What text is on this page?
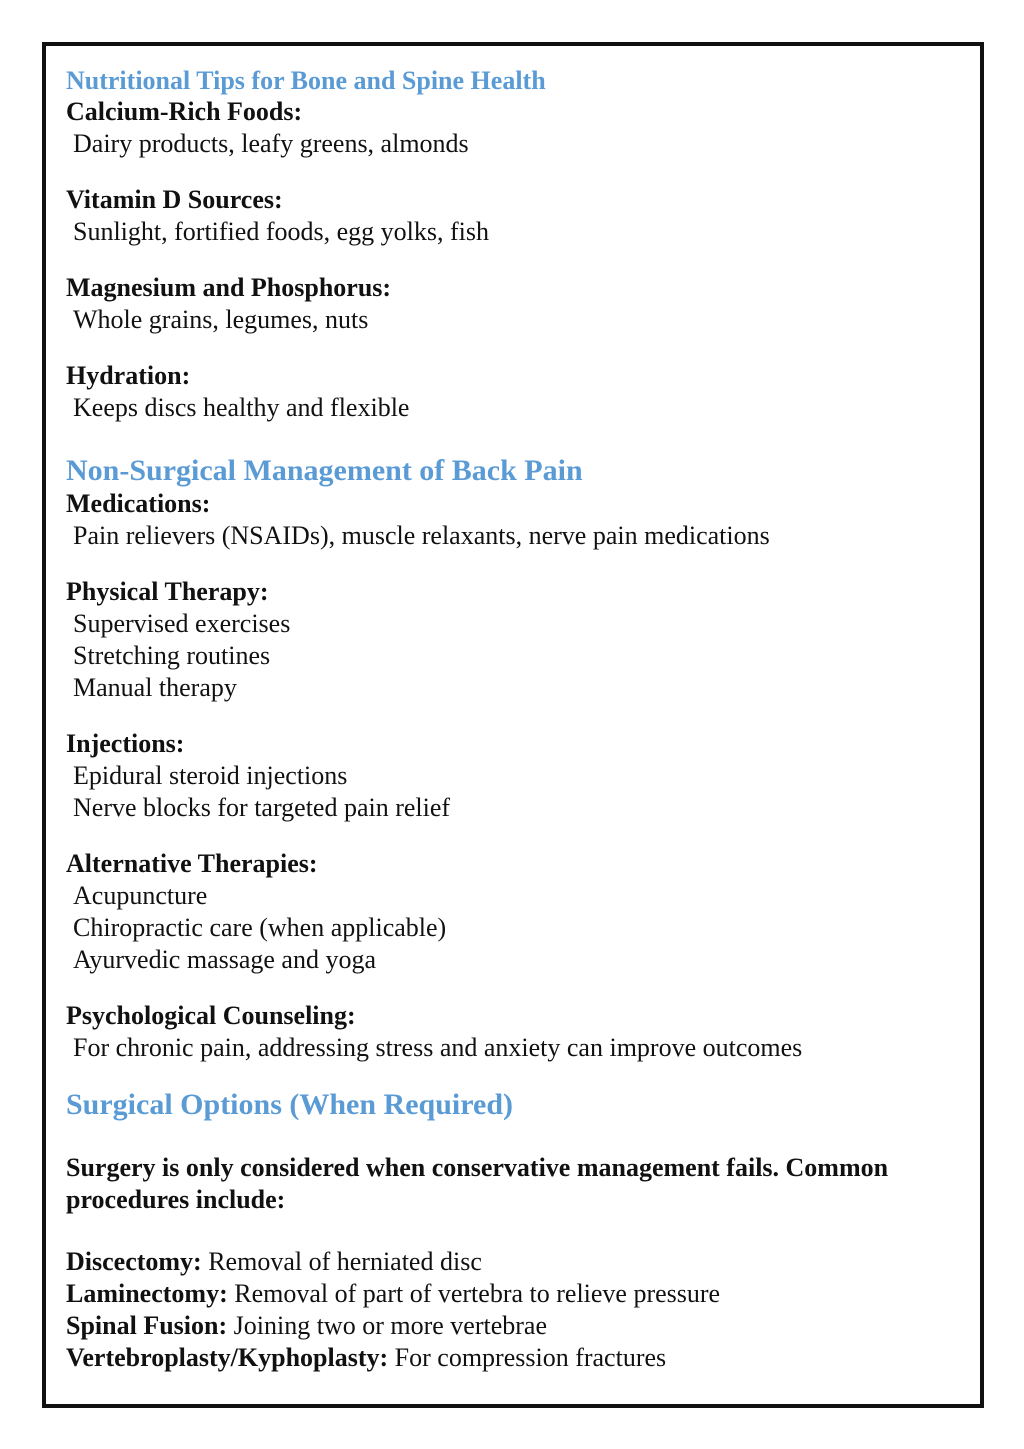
Nutritional Tips for Bone and Spine Health
Calcium-Rich Foods:
Dairy products, leafy greens, almonds
Vitamin D Sources:
Sunlight, fortified foods, egg yolks, fish
Magnesium and Phosphorus:
Whole grains, legumes, nuts
Hydration:
Keeps discs healthy and flexible
Non-Surgical Management of Back Pain
Medications:
Pain relievers (NSAIDs), muscle relaxants, nerve pain medications
Physical Therapy:
Supervised exercises
Stretching routines
Manual therapy
Injections:
Epidural steroid injections
Nerve blocks for targeted pain relief
Alternative Therapies:
Acupuncture
Chiropractic care (when applicable)
Ayurvedic massage and yoga
Psychological Counseling:
For chronic pain, addressing stress and anxiety can improve outcomes
Surgical Options (When Required)
Surgery is only considered when conservative management fails. Common procedures include:
Discectomy: Removal of herniated disc
Laminectomy: Removal of part of vertebra to relieve pressure
Spinal Fusion: Joining two or more vertebrae
Vertebroplasty/Kyphoplasty: For compression fractures
